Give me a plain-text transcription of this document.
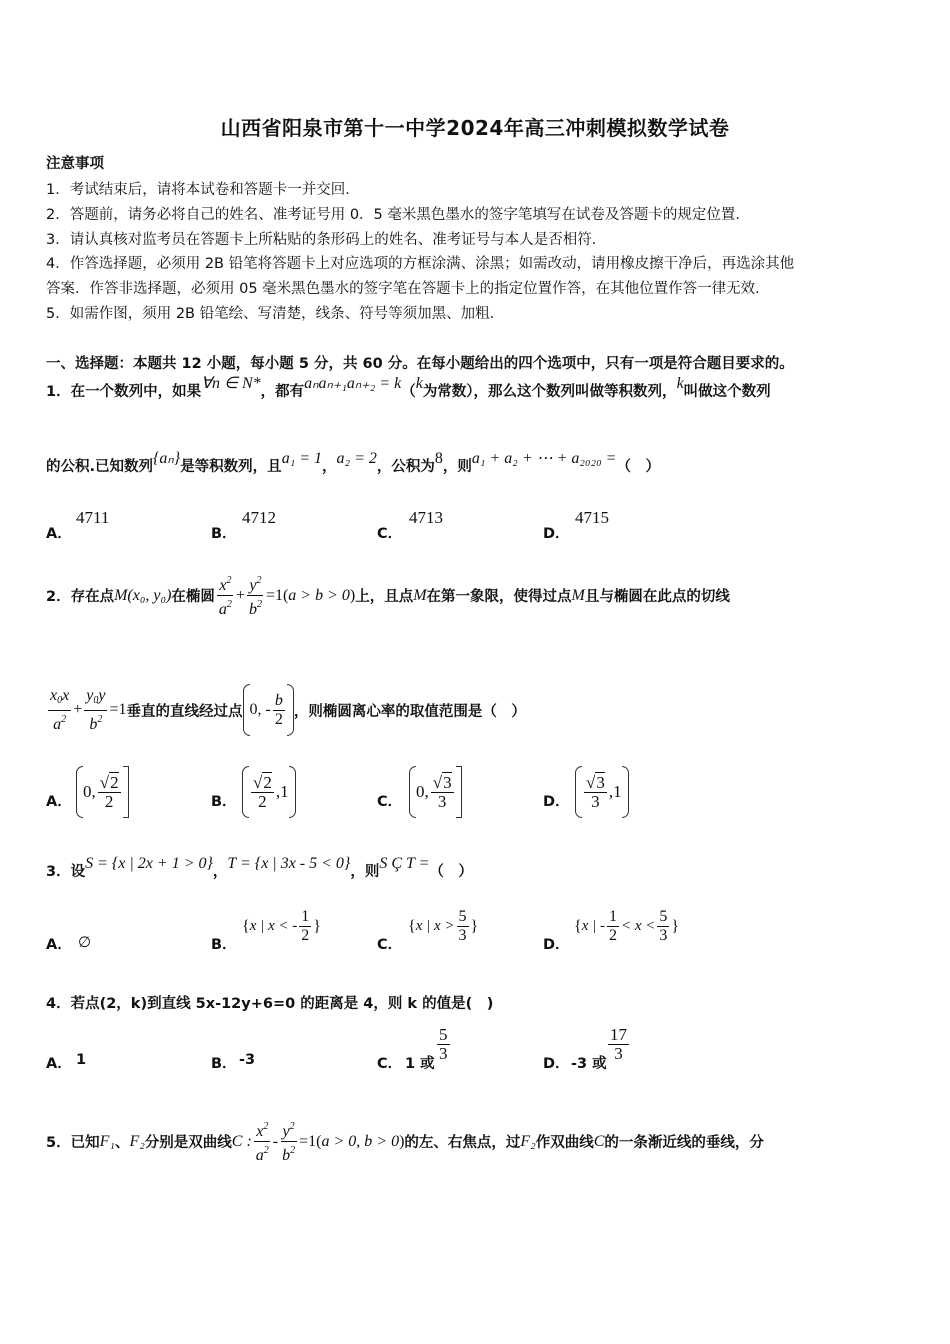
山西省阳泉市第十一中学2024年高三冲刺模拟数学试卷
注意事项
1．考试结束后，请将本试卷和答题卡一并交回．
2．答题前，请务必将自己的姓名、准考证号用 0．5 毫米黑色墨水的签字笔填写在试卷及答题卡的规定位置．
3．请认真核对监考员在答题卡上所粘贴的条形码上的姓名、准考证号与本人是否相符．
4．作答选择题，必须用 2B 铅笔将答题卡上对应选项的方框涂满、涂黑；如需改动，请用橡皮擦干净后，再选涂其他
答案．作答非选择题，必须用 05 毫米黑色墨水的签字笔在答题卡上的指定位置作答，在其他位置作答一律无效．
5．如需作图，须用 2B 铅笔绘、写清楚，线条、符号等须加黑、加粗．
一、选择题：本题共 12 小题，每小题 5 分，共 60 分。在每小题给出的四个选项中，只有一项是符合题目要求的。
1．在一个数列中，如果∀n ∈ N*，都有aₙaₙ₊₁aₙ₊₂ = k（k为常数），那么这个数列叫做等积数列，k叫做这个数列
的公积.已知数列{aₙ}是等积数列，且a₁ = 1，a₂ = 2，公积为8，则a₁ + a₂ + ⋯ + a₂₀₂₀ =（　）
A．
4711
B．
4712
C．
4713
D．
4715
2．存在点 M(x₀, y₀) 在椭圆 $\frac{x^2}{a^2} + \frac{y^2}{b^2} =1$( a > b > 0 ) 上，且点 M 在第一象限，使得过点 M 且与椭圆在此点的切线
$\frac{x_0x}{a^2} + \frac{y_0y}{b^2} =1$ 垂直的直线经过点 0, - $\frac{b}{2}$ ，则椭圆离心率的取值范围是（　）
A．
0, $\frac{√2}{2}$	B． $\frac{√2}{2} ,1$
C．
0, $\frac{√3}{3}$	D． $\frac{√3}{3} ,1$
3．设S = {x | 2x + 1 > 0}，T = {x | 3x - 5 < 0}，则S Ç T =（　）
A． ∅	B．
{ x | x < - $\frac{1}{2}$ }
C．
{ x | $x > \frac{5}{3}$ }
D．
{ x | - $\frac{1}{2} < x < \frac{5}{3}$ }
4．若点(2，k)到直线 5x-12y+6=0 的距离是 4，则 k 的值是(　)
A． 1	B． -3	C． 1 或
$\frac{5}{3}$
D． -3 或
$\frac{17}{3}$
5．已知 F₁ 、 F₂ 分别是双曲线 C : $\frac{x^2}{a^2} - \frac{y^2}{b^2} =1$( a > 0, b > 0 ) 的左、右焦点，过 F₂ 作双曲线 C 的一条渐近线的垂线，分
